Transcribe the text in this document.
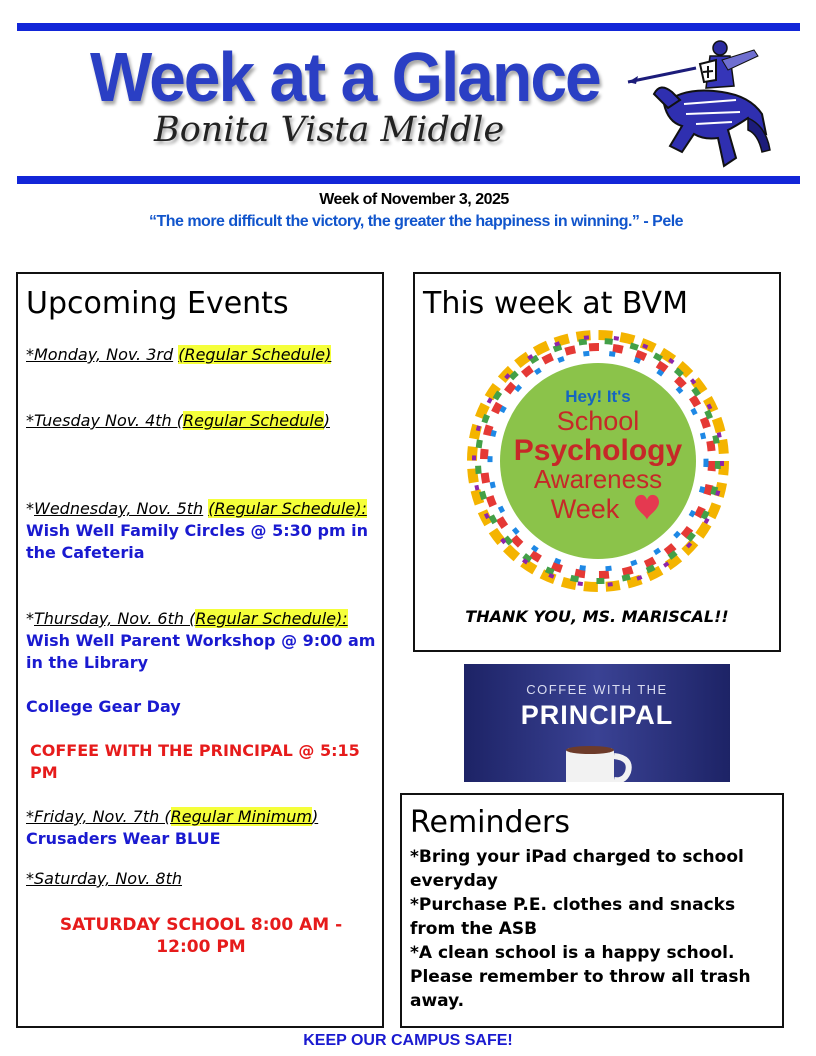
Week at a Glance

Bonita Vista Middle

Week of November 3, 2025
“The more difficult the victory, the greater the happiness in winning.” - Pele
Upcoming Events
*Monday, Nov. 3rd (Regular Schedule)
*Tuesday Nov. 4th (Regular Schedule)
*Wednesday, Nov. 5th (Regular Schedule):
Wish Well Family Circles @ 5:30 pm in the Cafeteria
*Thursday, Nov. 6th (Regular Schedule):
Wish Well Parent Workshop @ 9:00 am in the Library
College Gear Day
COFFEE WITH THE PRINCIPAL @ 5:15 PM
*Friday, Nov. 7th (Regular Minimum)
Crusaders Wear BLUE
*Saturday, Nov. 8th
SATURDAY SCHOOL 8:00 AM - 12:00 PM
This week at BVM
Hey! It's
School
Psychology
Awareness
Week

THANK YOU, MS. MARISCAL!!

COFFEE WITH THE
PRINCIPAL
Reminders
*Bring your iPad charged to school everyday
*Purchase P.E. clothes and snacks from the ASB
*A clean school is a happy school. Please remember to throw all trash away.
KEEP OUR CAMPUS SAFE!
